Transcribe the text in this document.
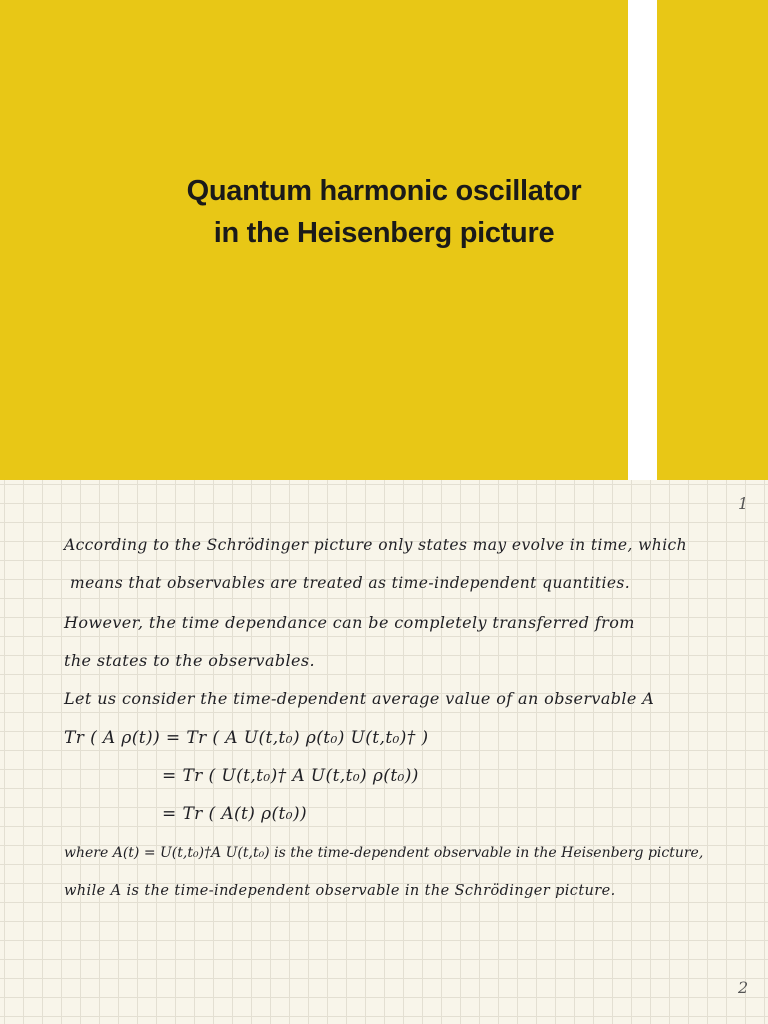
Quantum harmonic oscillator
in the Heisenberg picture
1
According to the Schrödinger picture only states may evolve in time, which
means that observables are treated as time-independent quantities.
However, the time dependance can be completely transferred from
the states to the observables.
Let us consider the time-dependent average value of an observable A
Tr ( A ρ(t)) = Tr ( A U(t,t₀) ρ(t₀) U(t,t₀)† )
= Tr ( U(t,t₀)† A U(t,t₀) ρ(t₀))
= Tr ( A(t) ρ(t₀))
where A(t) = U(t,t₀)†A U(t,t₀) is the time-dependent observable in the Heisenberg picture,
while A is the time-independent observable in the Schrödinger picture.
2
